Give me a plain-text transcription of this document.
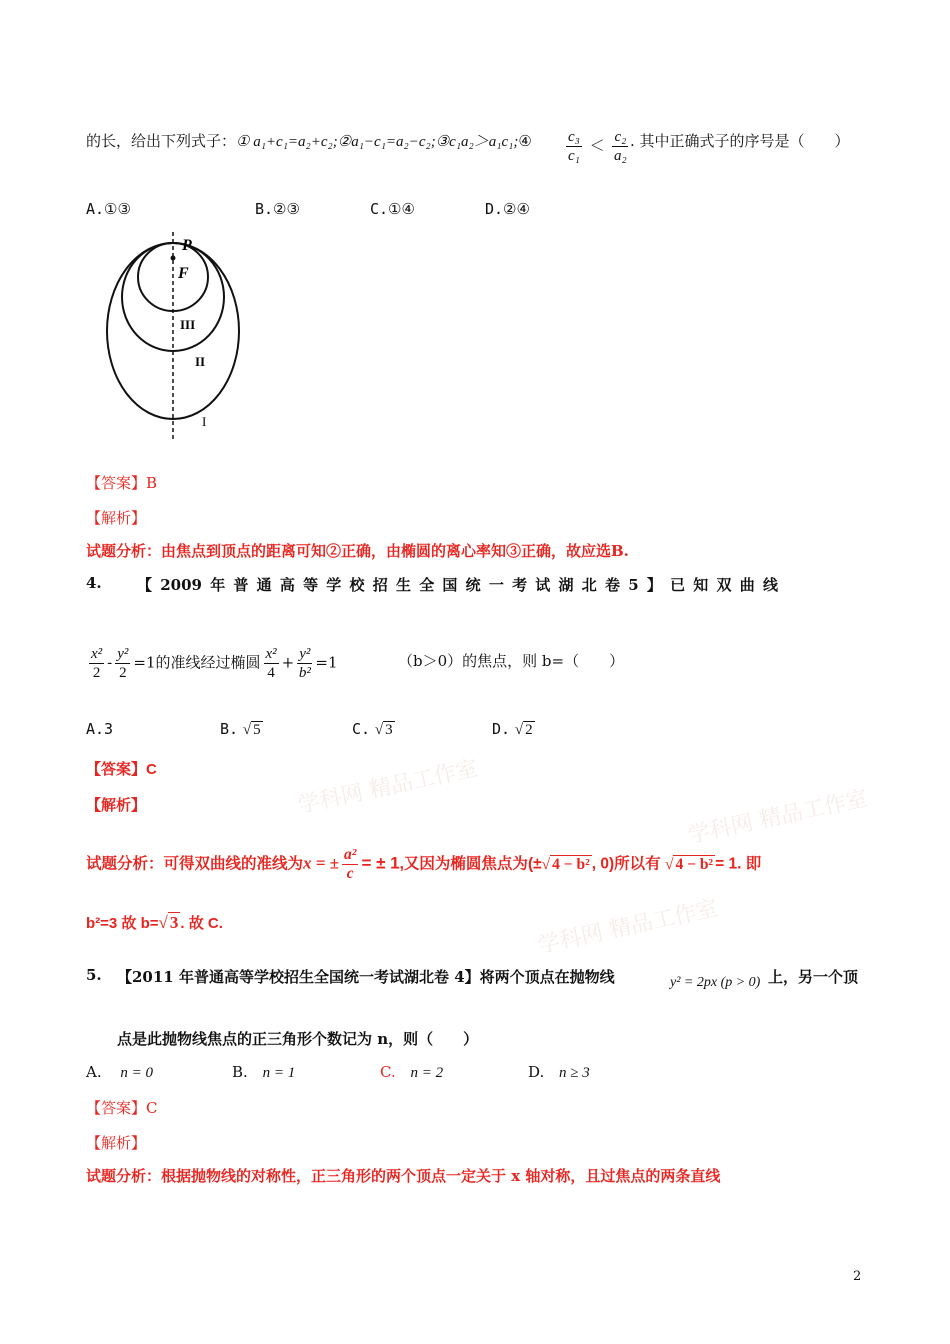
的长，给出下列式子：① a₁+c₁=a₂+c₂;②a₁−c₁=a₂−c₂;③c₁a₂＞a₁c₁;④ $\frac{\text{c₃}}{\text{c₁}} < \frac{\text{c₂}}{\text{a₂}}$ . 其中正确式子的序号是（　　）
A.①③	B.②③	C.①④	D.②④
P
F
III
II
I
【答案】B
【解析】
试题分析：由焦点到顶点的距离可知②正确，由椭圆的离心率知③正确，故应选B.
4. 【 2009 年 普 通 高 等 学 校 招 生 全 国 统 一 考 试 湖 北 卷 5 】 已 知 双 曲 线
$\frac{\text{x²}}{2} - \frac{\text{y²}}{2} =1$的准线经过椭圆 $\frac{\text{x²}}{4} + \frac{\text{y²}}{\text{b²}} =1$	（b＞0）的焦点，则 b=（　　）
A.3	B. √ 5	C. √ 3	D. √ 2
【答案】C
【解析】	学科网 精品工作室	学科网 精品工作室
学科网 精品工作室
试题分析：可得双曲线的准线为x = ± $\frac{\text{a²}}{c}$ = ± 1,又因为椭圆焦点为(±√ 4 − b² , 0)所以有 √ 4 − b² = 1. 即
b²=3 故 b=√ 3 . 故 C.
5. 【2011 年普通高等学校招生全国统一考试湖北卷 4】将两个顶点在抛物线	y² = 2px (p > 0) 上，另一个顶
点是此抛物线焦点的正三角形个数记为 n，则（　　）
A. n = 0	B. n = 1	C. n = 2	D. n ≥ 3
【答案】C
【解析】
试题分析：根据抛物线的对称性，正三角形的两个顶点一定关于 x 轴对称，且过焦点的两条直线
2
